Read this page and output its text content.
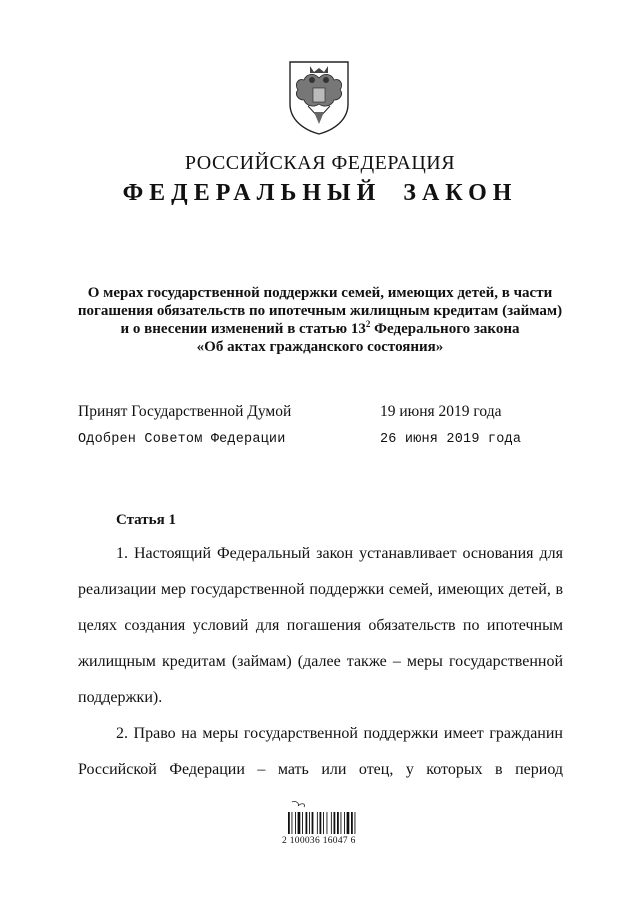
РОССИЙСКАЯ ФЕДЕРАЦИЯ
ФЕДЕРАЛЬНЫЙ ЗАКОН
О мерах государственной поддержки семей, имеющих детей, в части
погашения обязательств по ипотечным жилищным кредитам (займам)
и о внесении изменений в статью $13^2$ Федерального закона
«Об актах гражданского состояния»
Принят Государственной Думой	19 июня 2019 года
Одобрен Советом Федерации	26 июня 2019 года
Статья 1
1. Настоящий Федеральный закон устанавливает основания для
реализации мер государственной поддержки семей, имеющих детей, в
целях создания условий для погашения обязательств по ипотечным
жилищным кредитам (займам) (далее также – меры государственной
поддержки).
2. Право на меры государственной поддержки имеет гражданин
Российской Федерации – мать или отец, у которых в период
2 100036 16047 6
